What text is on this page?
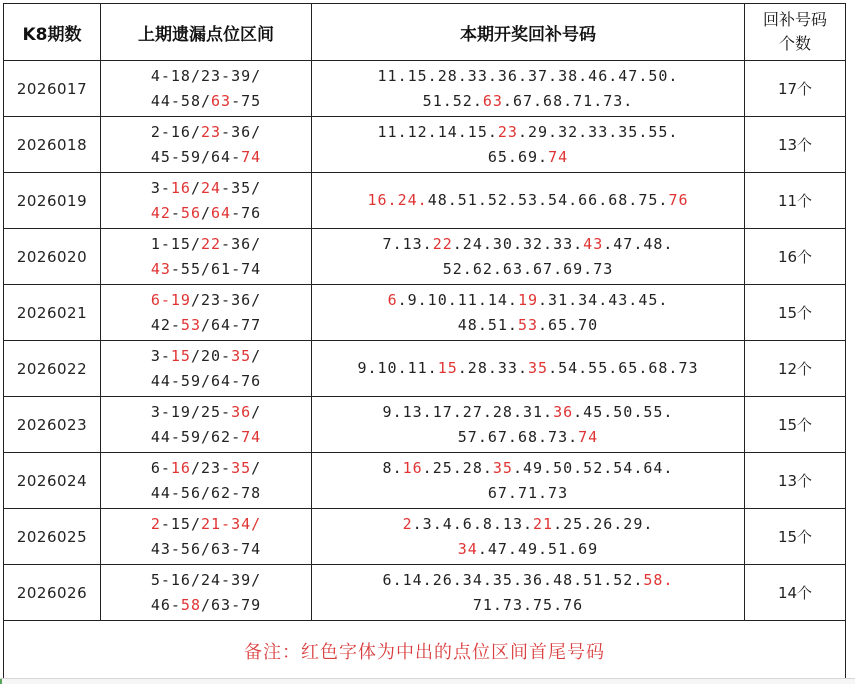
K8期数	上期遗漏点位区间	本期开奖回补号码	回补号码
个数

2026017	4-18/23-39/
44-58/63-75	11.15.28.33.36.37.38.46.47.50.
51.52.63.67.68.71.73.	17个
2026018	2-16/23-36/
45-59/64-74	11.12.14.15.23.29.32.33.35.55.
65.69.74	13个
2026019	3-16/24-35/
42-56/64-76	16.24.48.51.52.53.54.66.68.75.76	11个
2026020	1-15/22-36/
43-55/61-74	7.13.22.24.30.32.33.43.47.48.
52.62.63.67.69.73	16个
2026021	6-19/23-36/
42-53/64-77	6.9.10.11.14.19.31.34.43.45.
48.51.53.65.70	15个
2026022	3-15/20-35/
44-59/64-76	9.10.11.15.28.33.35.54.55.65.68.73	12个
2026023	3-19/25-36/
44-59/62-74	9.13.17.27.28.31.36.45.50.55.
57.67.68.73.74	15个
2026024	6-16/23-35/
44-56/62-78	8.16.25.28.35.49.50.52.54.64.
67.71.73	13个
2026025	2-15/21-34/
43-56/63-74	2.3.4.6.8.13.21.25.26.29.
34.47.49.51.69	15个
2026026	5-16/24-39/
46-58/63-79	6.14.26.34.35.36.48.51.52.58.
71.73.75.76	14个
备注：红色字体为中出的点位区间首尾号码			
